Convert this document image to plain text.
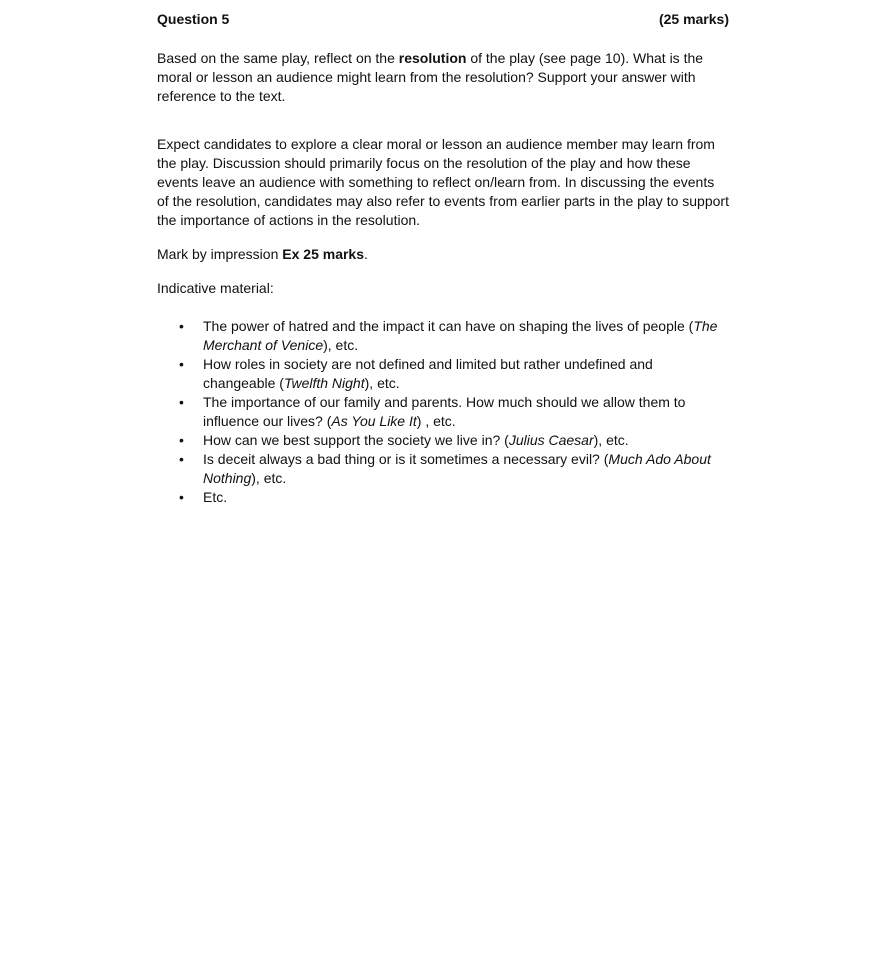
Question 5	(25 marks)

Based on the same play, reflect on the resolution of the play (see page 10). What is the moral or lesson an audience might learn from the resolution? Support your answer with reference to the text.

Expect candidates to explore a clear moral or lesson an audience member may learn from the play. Discussion should primarily focus on the resolution of the play and how these events leave an audience with something to reflect on/learn from. In discussing the events of the resolution, candidates may also refer to events from earlier parts in the play to support the importance of actions in the resolution.

Mark by impression Ex 25 marks.

Indicative material:

• The power of hatred and the impact it can have on shaping the lives of people (The Merchant of Venice), etc.
• How roles in society are not defined and limited but rather undefined and changeable (Twelfth Night), etc.
• The importance of our family and parents. How much should we allow them to influence our lives? (As You Like It) , etc.
• How can we best support the society we live in? (Julius Caesar), etc.
• Is deceit always a bad thing or is it sometimes a necessary evil? (Much Ado About Nothing), etc.
• Etc.
